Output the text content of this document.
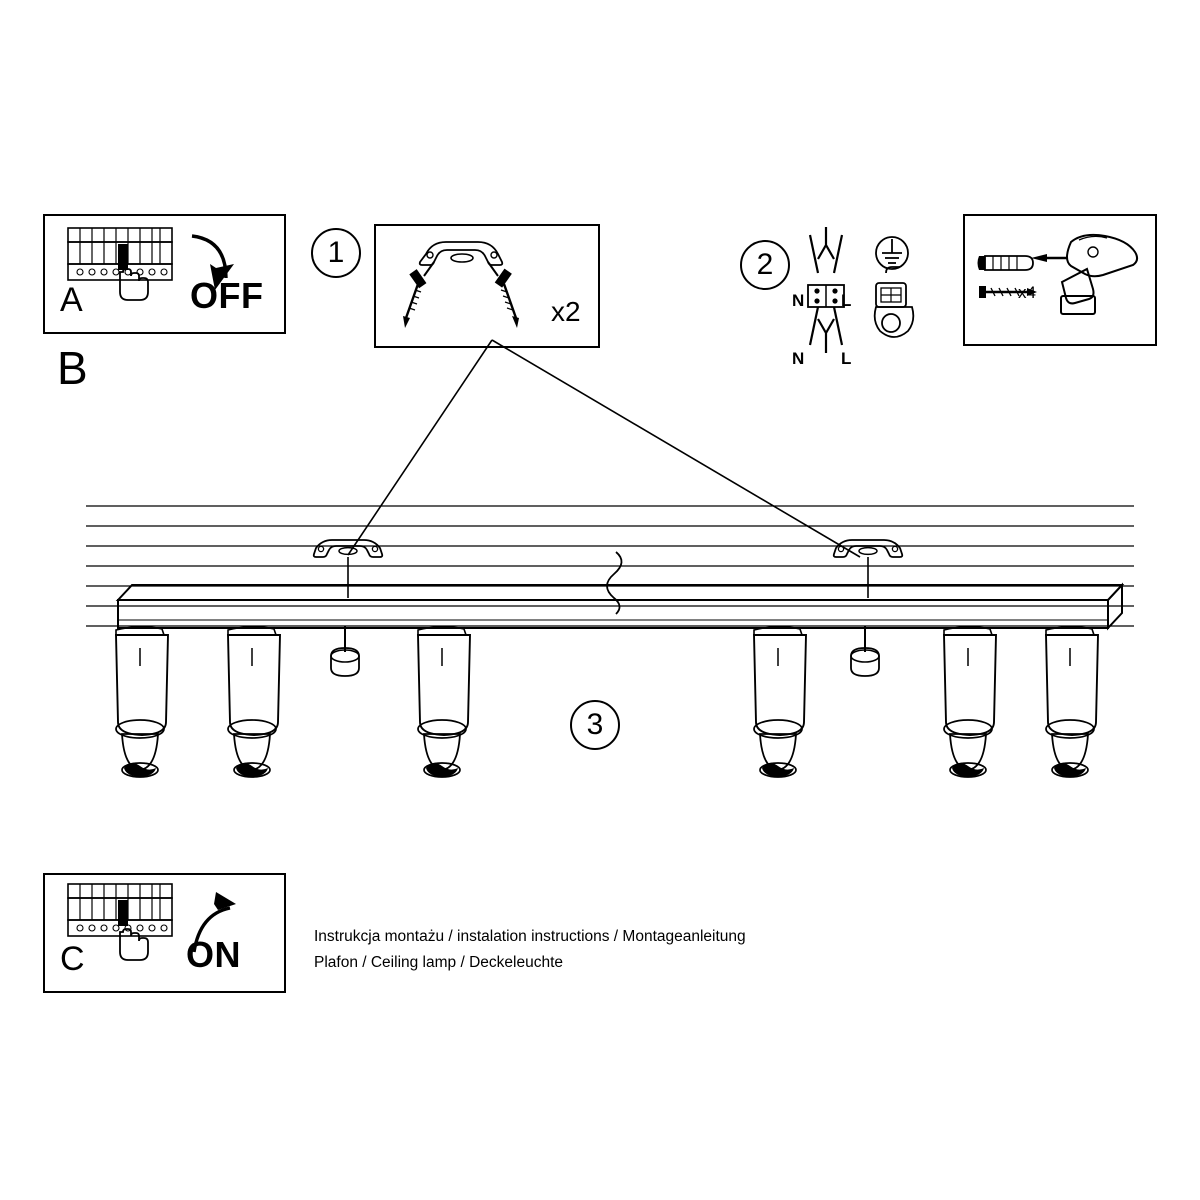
A	OFF
B
1
x2
2
N L
N L
x4
3
C	ON	Instrukcja montażu / instalation instructions / Montageanleitung
Plafon / Ceiling lamp / Deckeleuchte
